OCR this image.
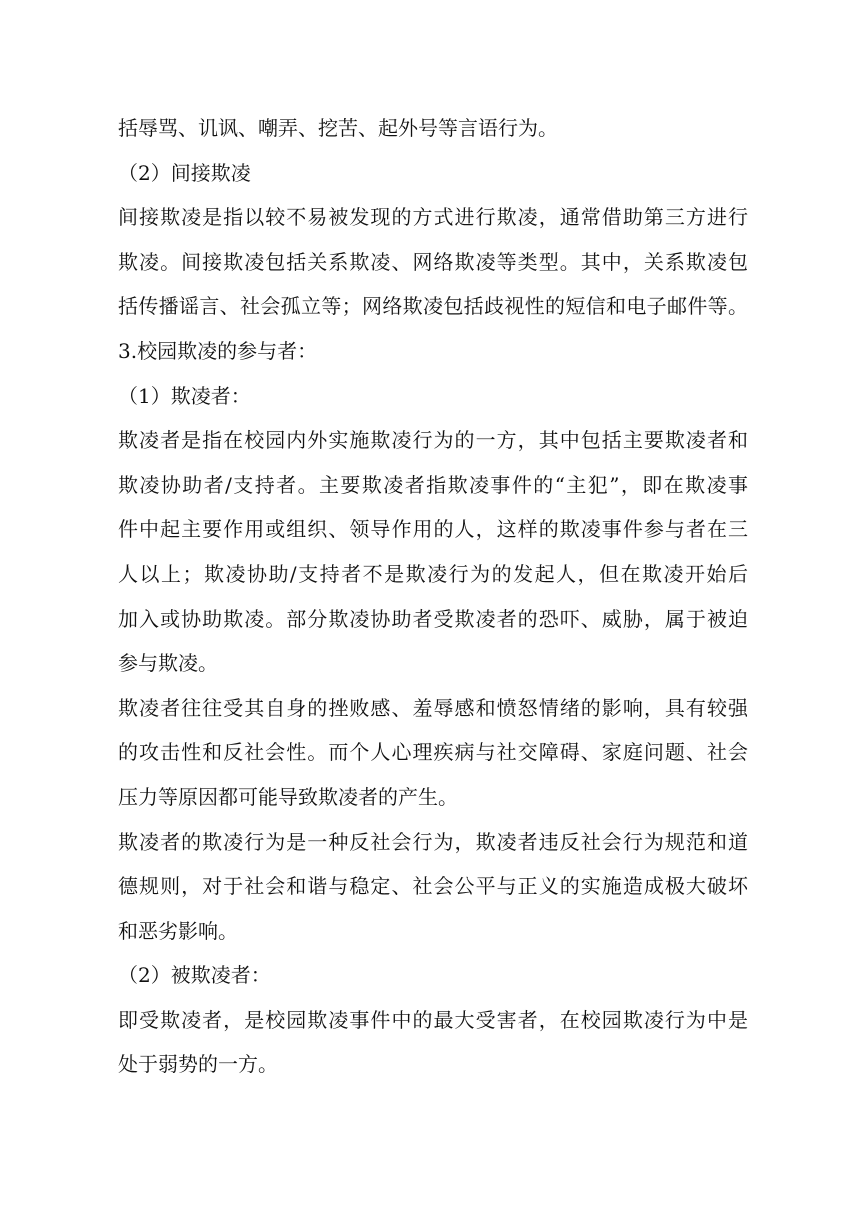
括辱骂、讥讽、嘲弄、挖苦、起外号等言语行为。
（2）间接欺凌
间接欺凌是指以较不易被发现的方式进行欺凌，通常借助第三方进行
欺凌。间接欺凌包括关系欺凌、网络欺凌等类型。其中，关系欺凌包
括传播谣言、社会孤立等；网络欺凌包括歧视性的短信和电子邮件等。
3.校园欺凌的参与者：
（1）欺凌者：
欺凌者是指在校园内外实施欺凌行为的一方，其中包括主要欺凌者和
欺凌协助者/支持者。主要欺凌者指欺凌事件的“主犯”，即在欺凌事
件中起主要作用或组织、领导作用的人，这样的欺凌事件参与者在三
人以上；欺凌协助/支持者不是欺凌行为的发起人，但在欺凌开始后
加入或协助欺凌。部分欺凌协助者受欺凌者的恐吓、威胁，属于被迫
参与欺凌。
欺凌者往往受其自身的挫败感、羞辱感和愤怒情绪的影响，具有较强
的攻击性和反社会性。而个人心理疾病与社交障碍、家庭问题、社会
压力等原因都可能导致欺凌者的产生。
欺凌者的欺凌行为是一种反社会行为，欺凌者违反社会行为规范和道
德规则，对于社会和谐与稳定、社会公平与正义的实施造成极大破坏
和恶劣影响。
（2）被欺凌者：
即受欺凌者，是校园欺凌事件中的最大受害者，在校园欺凌行为中是
处于弱势的一方。
